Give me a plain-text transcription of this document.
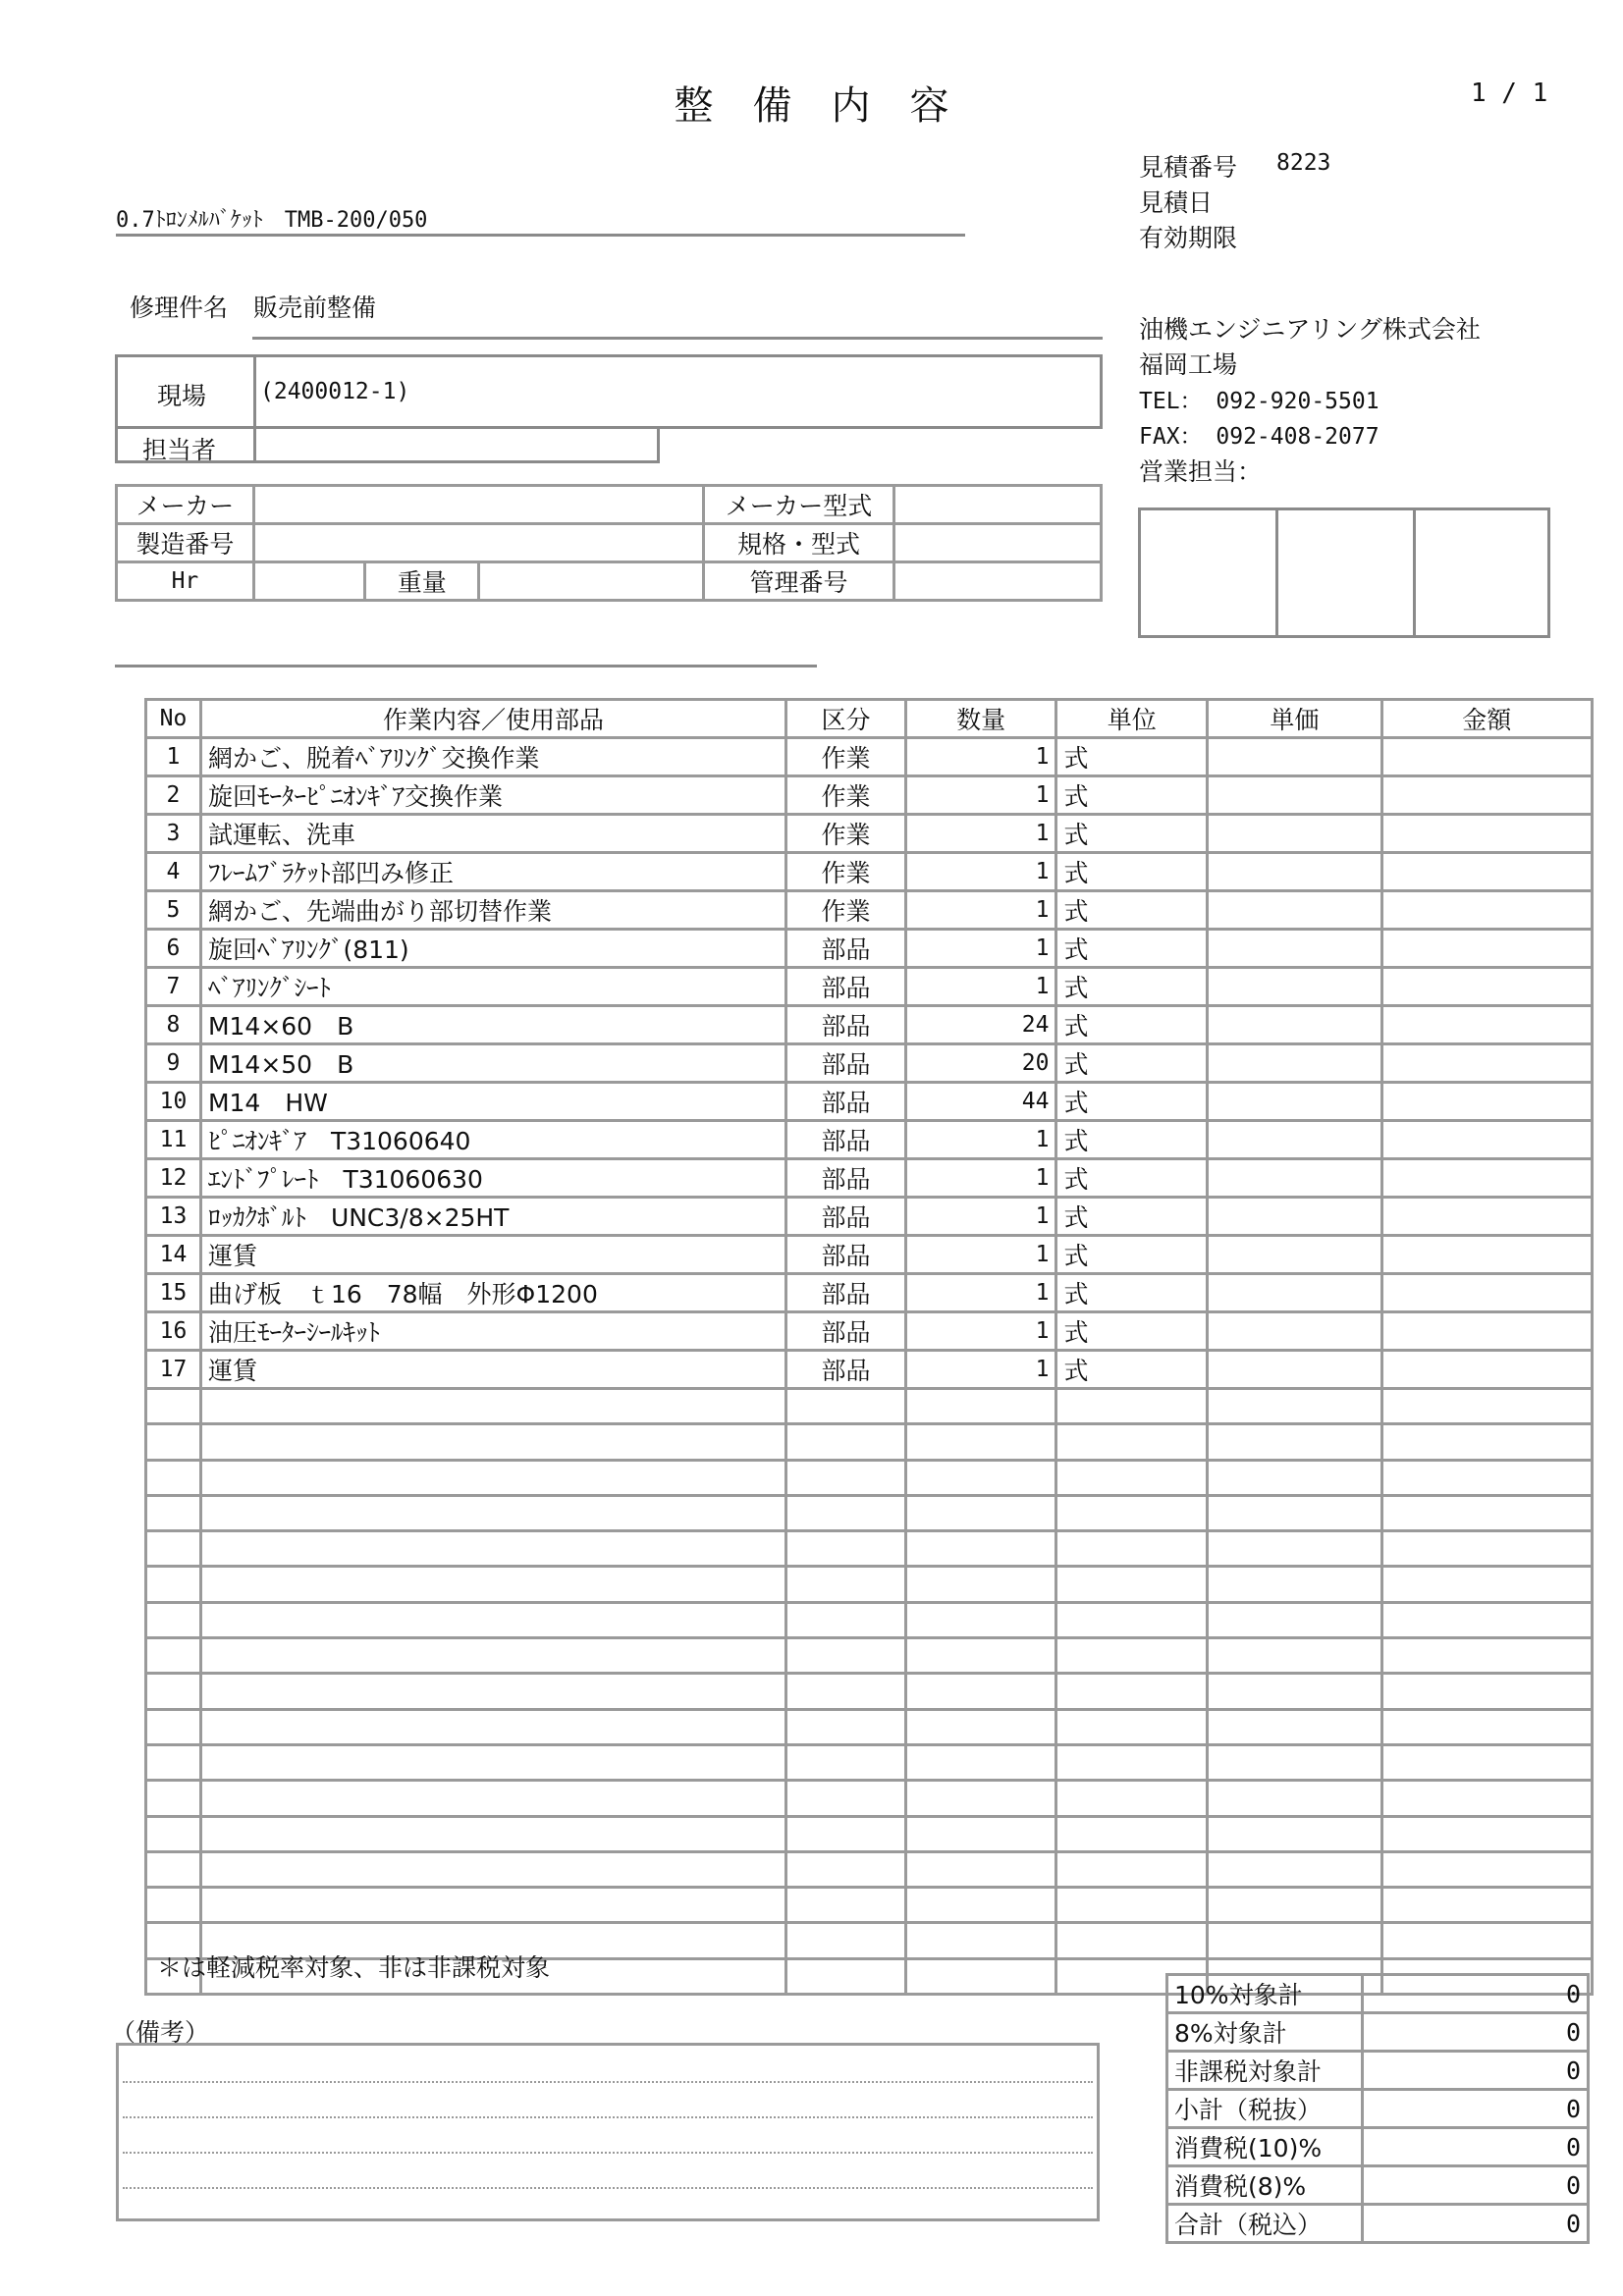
整備内容	1 / 1
0.7ﾄﾛﾝﾒﾙﾊﾞｹｯﾄ　TMB-200/050
見積番号 8223
見積日
有効期限
油機エンジニアリング株式会社
福岡工場
TEL： 092-920-5501
FAX： 092-408-2077
営業担当：
修理件名 販売前整備
現場 (2400012-1)
担当者
メーカー				メーカー型式	
製造番号				規格・型式	
Hr		重量		管理番号	
No	作業内容／使用部品	区分	数量	単位	単価	金額
1	網かご、脱着ﾍﾞｱﾘﾝｸﾞ交換作業	作業	1	式		
2	旋回ﾓｰﾀｰﾋﾟﾆｵﾝｷﾞｱ交換作業	作業	1	式		
3	試運転、洗車	作業	1	式		
4	ﾌﾚｰﾑﾌﾞﾗｹｯﾄ部凹み修正	作業	1	式		
5	網かご、先端曲がり部切替作業	作業	1	式		
6	旋回ﾍﾞｱﾘﾝｸﾞ(811)	部品	1	式		
7	ﾍﾞｱﾘﾝｸﾞｼｰﾄ	部品	1	式		
8	M14×60　B	部品	24	式		
9	M14×50　B	部品	20	式		
10	M14　HW	部品	44	式		
11	ﾋﾟﾆｵﾝｷﾞｱ　T31060640	部品	1	式		
12	ｴﾝﾄﾞﾌﾟﾚｰﾄ　T31060630	部品	1	式		
13	ﾛｯｶｸﾎﾞﾙﾄ　UNC3/8×25HT	部品	1	式		
14	運賃	部品	1	式		
15	曲げ板　ｔ16　78幅　外形Φ1200	部品	1	式		
16	油圧ﾓｰﾀｰｼｰﾙｷｯﾄ	部品	1	式		
17	運賃	部品	1	式		

＊は軽減税率対象、非は非課税対象
（備考）
10%対象計	0
8%対象計	0
非課税対象計	0
小計（税抜）	0
消費税(10)%	0
消費税(8)%	0
合計（税込）	0
